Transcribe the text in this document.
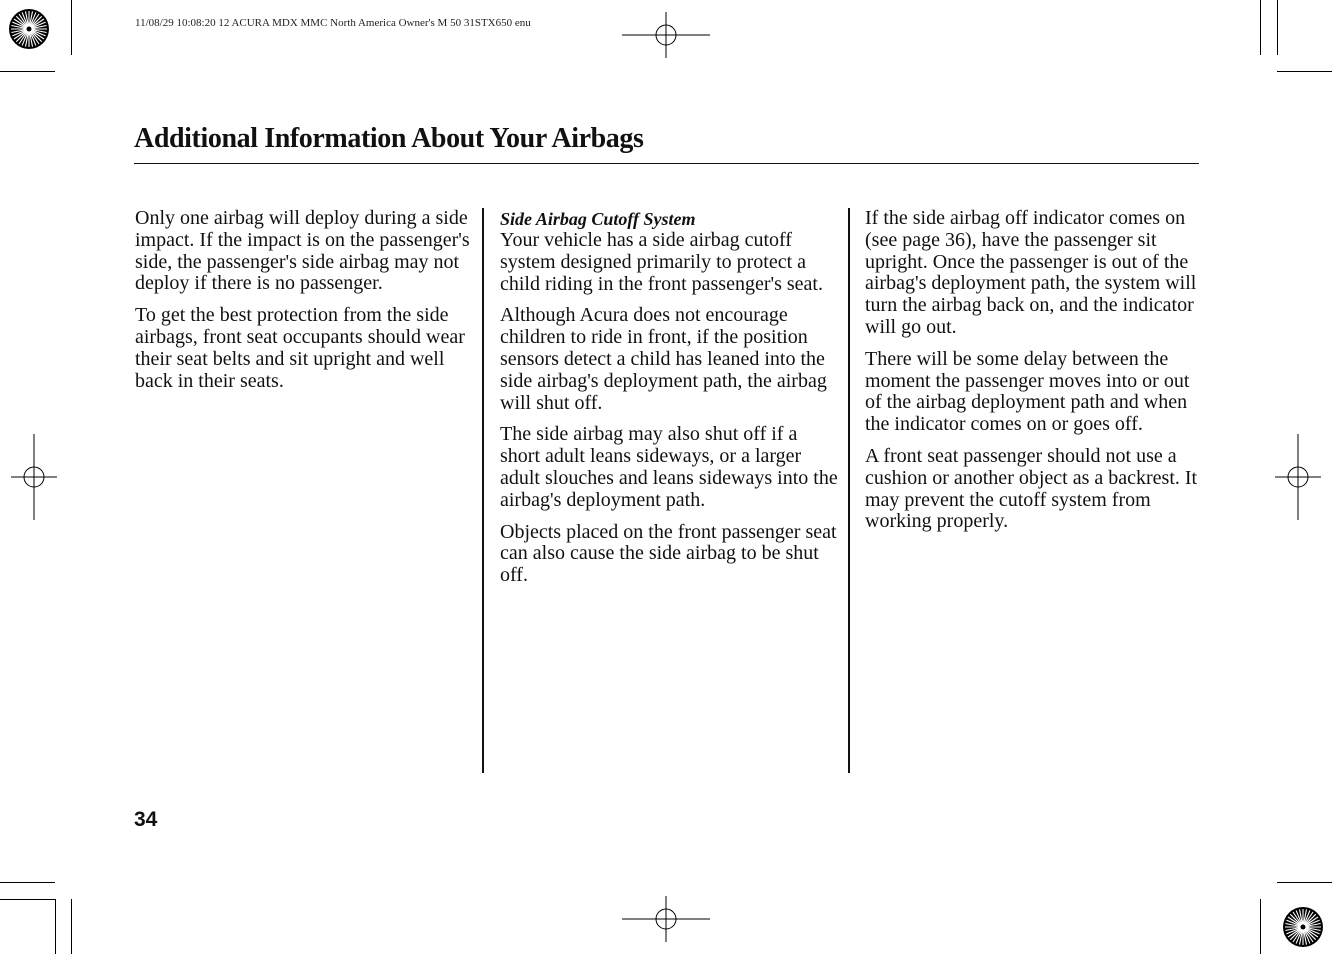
11/08/29 10:08:20 12 ACURA MDX MMC North America Owner's M 50 31STX650 enu
Additional Information About Your Airbags

Only one airbag will deploy during a side impact. If the impact is on the passenger's side, the passenger's side airbag may not deploy if there is no passenger.

To get the best protection from the side airbags, front seat occupants should wear their seat belts and sit upright and well back in their seats.

Side Airbag Cutoff System

Your vehicle has a side airbag cutoff system designed primarily to protect a child riding in the front passenger's seat.

Although Acura does not encourage children to ride in front, if the position sensors detect a child has leaned into the side airbag's deployment path, the airbag will shut off.

The side airbag may also shut off if a short adult leans sideways, or a larger adult slouches and leans sideways into the airbag's deployment path.

Objects placed on the front passenger seat can also cause the side airbag to be shut off.

If the side airbag off indicator comes on (see page 36), have the passenger sit upright. Once the passenger is out of the airbag's deployment path, the system will turn the airbag back on, and the indicator will go out.

There will be some delay between the moment the passenger moves into or out of the airbag deployment path and when the indicator comes on or goes off.

A front seat passenger should not use a cushion or another object as a backrest. It may prevent the cutoff system from working properly.

34
